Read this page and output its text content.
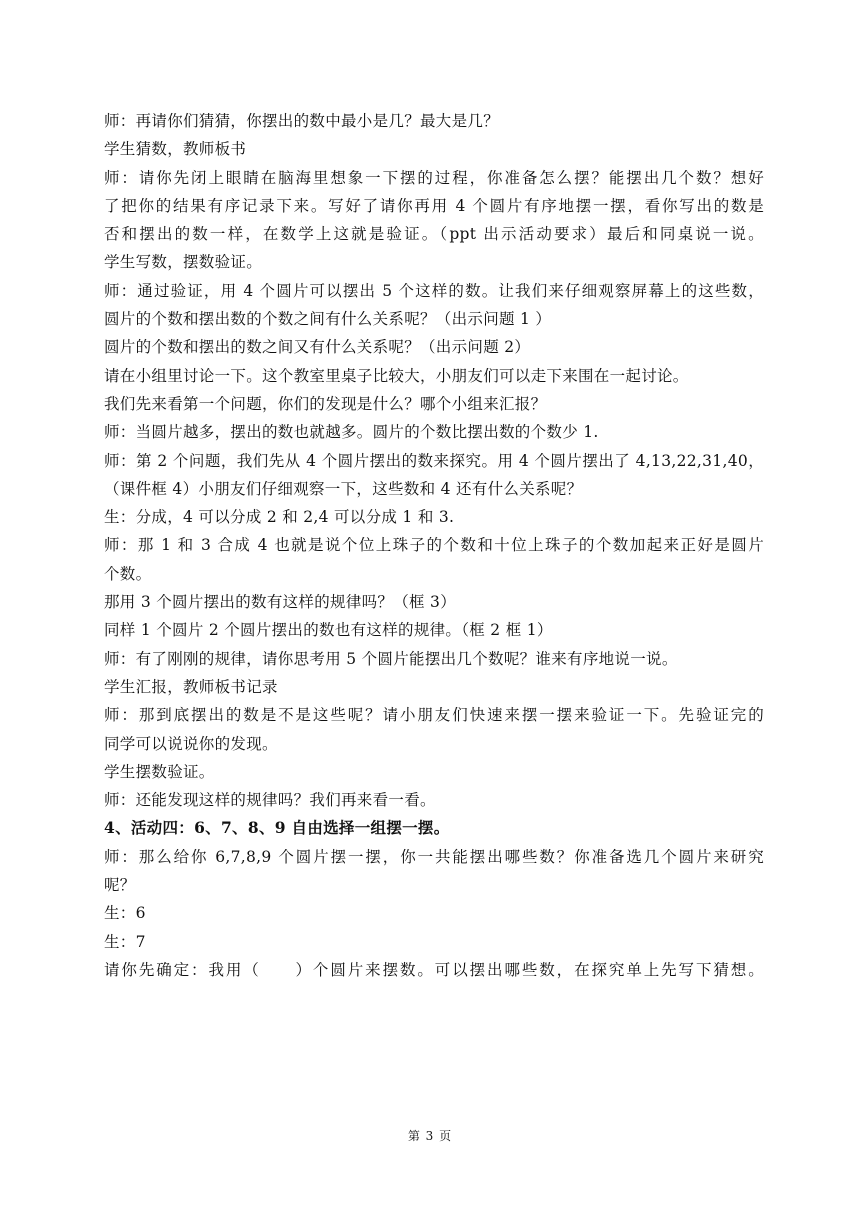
师：再请你们猜猜，你摆出的数中最小是几？最大是几？
学生猜数，教师板书
师：请你先闭上眼睛在脑海里想象一下摆的过程，你准备怎么摆？能摆出几个数？想好
了把你的结果有序记录下来。写好了请你再用 4 个圆片有序地摆一摆，看你写出的数是
否和摆出的数一样，在数学上这就是验证。（ppt 出示活动要求）最后和同桌说一说。
学生写数，摆数验证。
师：通过验证，用 4 个圆片可以摆出 5 个这样的数。让我们来仔细观察屏幕上的这些数，
圆片的个数和摆出数的个数之间有什么关系呢？（出示问题 1 ）
圆片的个数和摆出的数之间又有什么关系呢？（出示问题 2）
请在小组里讨论一下。这个教室里桌子比较大，小朋友们可以走下来围在一起讨论。
我们先来看第一个问题，你们的发现是什么？哪个小组来汇报？
师：当圆片越多，摆出的数也就越多。圆片的个数比摆出数的个数少 1.
师：第 2 个问题，我们先从 4 个圆片摆出的数来探究。用 4 个圆片摆出了 4,13,22,31,40，
（课件框 4）小朋友们仔细观察一下，这些数和 4 还有什么关系呢？
生：分成，4 可以分成 2 和 2,4 可以分成 1 和 3.
师：那 1 和 3 合成 4 也就是说个位上珠子的个数和十位上珠子的个数加起来正好是圆片
个数。
那用 3 个圆片摆出的数有这样的规律吗？（框 3）
同样 1 个圆片 2 个圆片摆出的数也有这样的规律。（框 2 框 1）
师：有了刚刚的规律，请你思考用 5 个圆片能摆出几个数呢？谁来有序地说一说。
学生汇报，教师板书记录
师：那到底摆出的数是不是这些呢？请小朋友们快速来摆一摆来验证一下。先验证完的
同学可以说说你的发现。
学生摆数验证。
师：还能发现这样的规律吗？我们再来看一看。
4、活动四：6、7、8、9 自由选择一组摆一摆。
师：那么给你 6,7,8,9 个圆片摆一摆，你一共能摆出哪些数？你准备选几个圆片来研究
呢？
生：6
生：7
请你先确定：我用（　　）个圆片来摆数。可以摆出哪些数，在探究单上先写下猜想。
第 3 页
